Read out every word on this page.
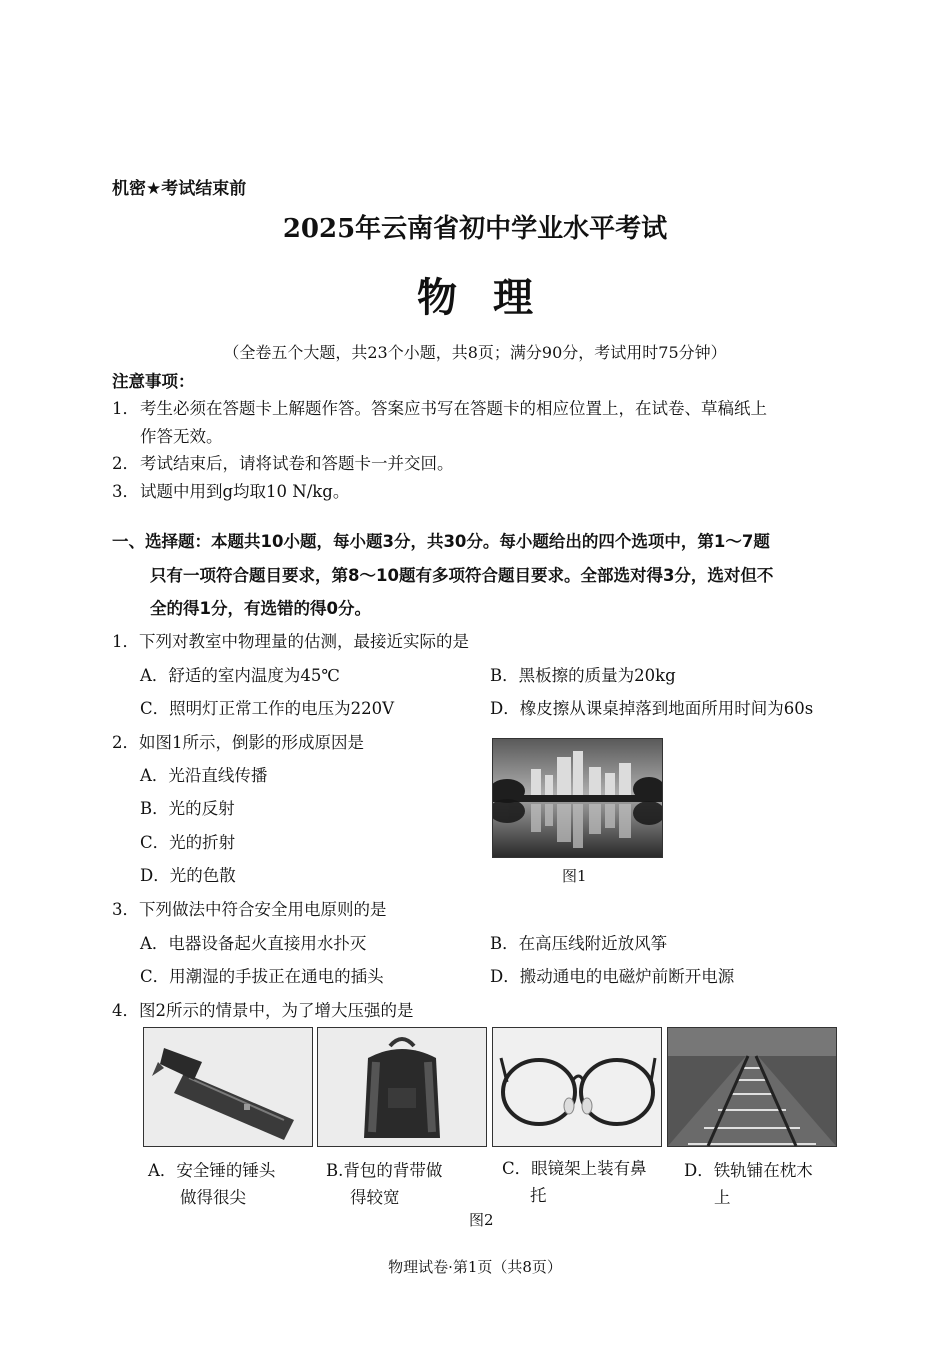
机密★考试结束前
2025年云南省初中学业水平考试
物理
（全卷五个大题，共23个小题，共8页；满分90分，考试用时75分钟）
注意事项：
1． 考生必须在答题卡上解题作答。答案应书写在答题卡的相应位置上，在试卷、草稿纸上
作答无效。
2． 考试结束后，请将试卷和答题卡一并交回。
3． 试题中用到g均取10 N/kg。
一、选择题：本题共10小题，每小题3分，共30分。每小题给出的四个选项中，第1～7题
只有一项符合题目要求，第8～10题有多项符合题目要求。全部选对得3分，选对但不
全的得1分，有选错的得0分。
1．下列对教室中物理量的估测，最接近实际的是
A．舒适的室内温度为45℃	B．黑板擦的质量为20kg
C．照明灯正常工作的电压为220V	D．橡皮擦从课桌掉落到地面所用时间为60s
2．如图1所示，倒影的形成原因是
A．光沿直线传播
B．光的反射
C．光的折射
D．光的色散	图1
3．下列做法中符合安全用电原则的是
A．电器设备起火直接用水扑灭	B．在高压线附近放风筝
C．用潮湿的手拔正在通电的插头	D．搬动通电的电磁炉前断开电源
4．图2所示的情景中，为了增大压强的是
A．安全锤的锤头
做得很尖
B.背包的背带做
得较宽
C．眼镜架上装有鼻
托
D．铁轨铺在枕木
上
图2
物理试卷·第1页（共8页）
